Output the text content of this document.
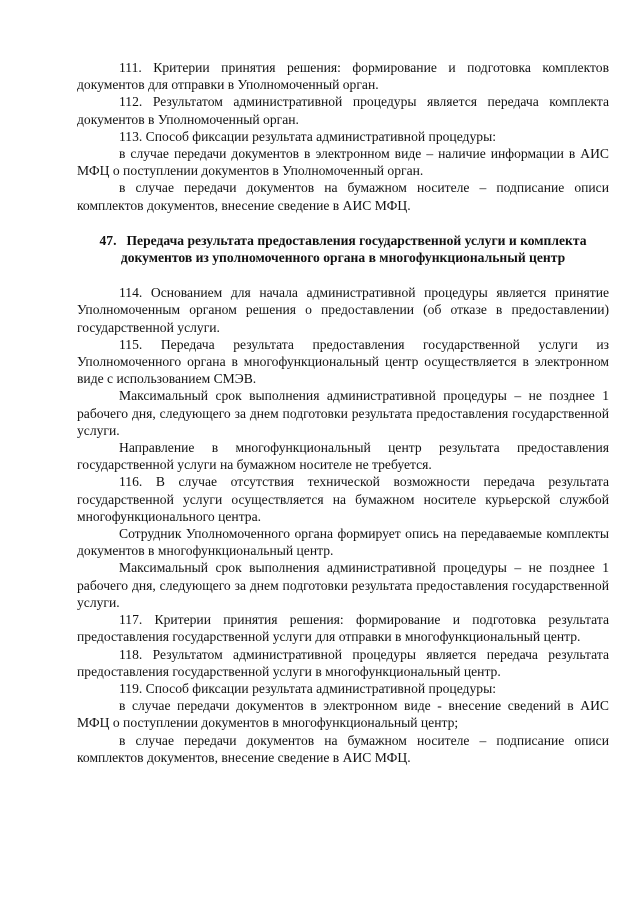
111. Критерии принятия решения: формирование и подготовка комплектов документов для отправки в Уполномоченный орган.

112. Результатом административной процедуры является передача комплекта документов в Уполномоченный орган.

113. Способ фиксации результата административной процедуры:

в случае передачи документов в электронном виде – наличие информации в АИС МФЦ о поступлении документов в Уполномоченный орган.

в случае передачи документов на бумажном носителе – подписание описи комплектов документов, внесение сведение в АИС МФЦ.

47. Передача результата предоставления государственной услуги и комплекта документов из уполномоченного органа в многофункциональный центр

114. Основанием для начала административной процедуры является принятие Уполномоченным органом решения о предоставлении (об отказе в предоставлении) государственной услуги.

115. Передача результата предоставления государственной услуги из Уполномоченного органа в многофункциональный центр осуществляется в электронном виде с использованием СМЭВ.

Максимальный срок выполнения административной процедуры – не позднее 1 рабочего дня, следующего за днем подготовки результата предоставления государственной услуги.

Направление в многофункциональный центр результата предоставления государственной услуги на бумажном носителе не требуется.

116. В случае отсутствия технической возможности передача результата государственной услуги осуществляется на бумажном носителе курьерской службой многофункционального центра.

Сотрудник Уполномоченного органа формирует опись на передаваемые комплекты документов в многофункциональный центр.

Максимальный срок выполнения административной процедуры – не позднее 1 рабочего дня, следующего за днем подготовки результата предоставления государственной услуги.

117. Критерии принятия решения: формирование и подготовка результата предоставления государственной услуги для отправки в многофункциональный центр.

118. Результатом административной процедуры является передача результата предоставления государственной услуги в многофункциональный центр.

119. Способ фиксации результата административной процедуры:

в случае передачи документов в электронном виде - внесение сведений в АИС МФЦ о поступлении документов в многофункциональный центр;

в случае передачи документов на бумажном носителе – подписание описи комплектов документов, внесение сведение в АИС МФЦ.
